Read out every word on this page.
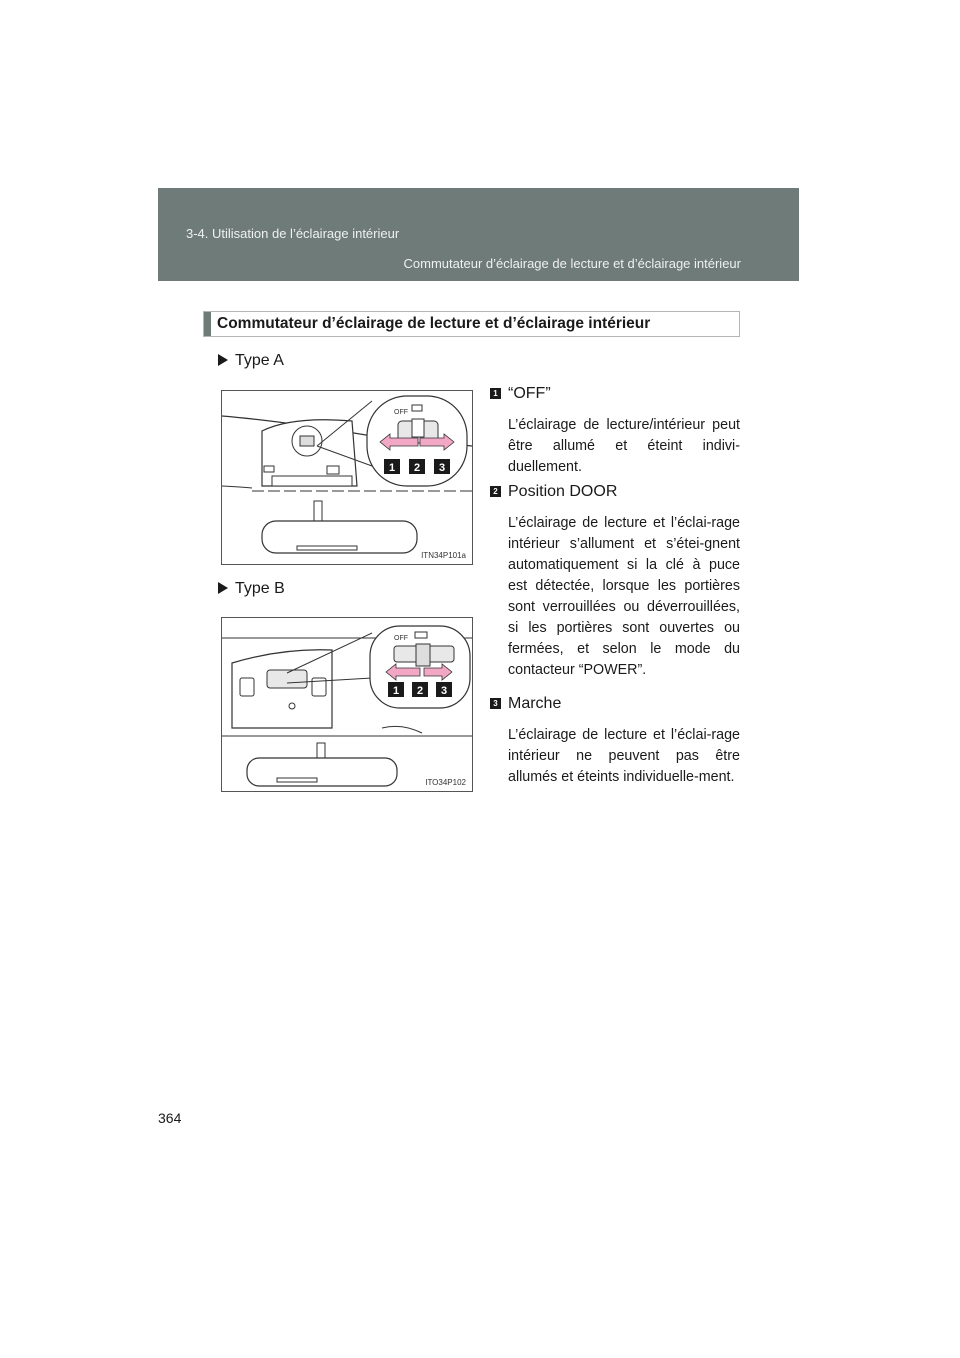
3-4. Utilisation de l’éclairage intérieur
Commutateur d’éclairage de lecture et d’éclairage intérieur
Commutateur d’éclairage de lecture et d’éclairage intérieur
Type A
OFF
1 2 3
ITN34P101a
Type B
OFF
1 2 3
ITO34P102
1 “OFF”
L’éclairage de lecture/intérieur peut être allumé et éteint indivi-duellement.
2 Position DOOR
L’éclairage de lecture et l’éclai-rage intérieur s’allument et s’étei-gnent automatiquement si la clé à puce est détectée, lorsque les portières sont verrouillées ou déverrouillées, si les portières sont ouvertes ou fermées, et selon le mode du contacteur “POWER”.
3 Marche
L’éclairage de lecture et l’éclai-rage intérieur ne peuvent pas être allumés et éteints individuelle-ment.
364
